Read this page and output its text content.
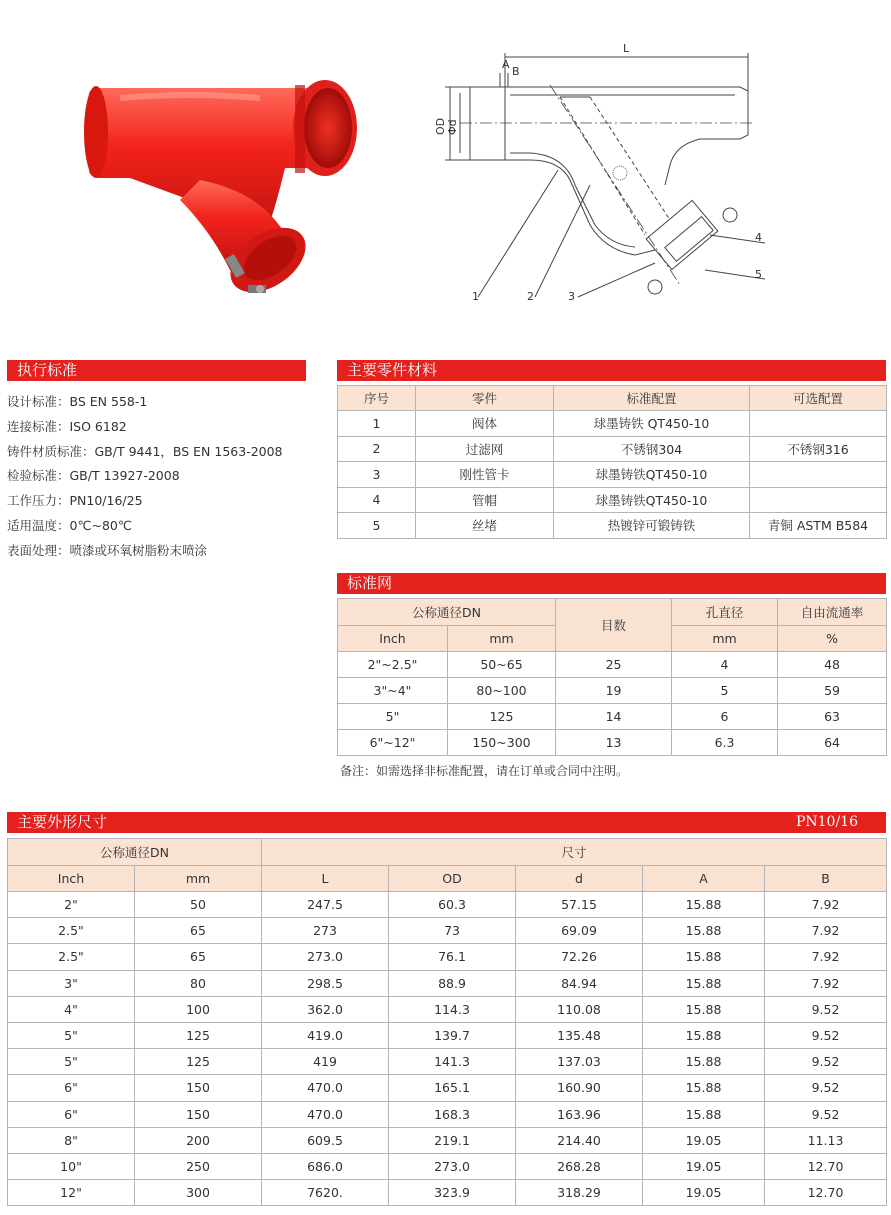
L
A
B
OD Φd
1	2	3
4
5
执行标准
设计标准：BS EN 558-1
连接标准：ISO 6182
铸件材质标准：GB/T 9441，BS EN 1563-2008
检验标准：GB/T 13927-2008
工作压力：PN10/16/25
适用温度：0℃~80℃
表面处理：喷漆或环氧树脂粉末喷涂
主要零件材料
序号	零件	标准配置	可选配置
1	阀体	球墨铸铁 QT450-10	
2	过滤网	不锈钢304	不锈钢316
3	刚性管卡	球墨铸铁QT450-10	
4	管帽	球墨铸铁QT450-10	
5	丝堵	热镀锌可锻铸铁	青铜 ASTM B584
标准网
公称通径DN		目数	孔直径	自由流通率
Inch	mm		mm	%
2"~2.5"	50~65	25	4	48
3"~4"	80~100	19	5	59
5"	125	14	6	63
6"~12"	150~300	13	6.3	64
备注：如需选择非标准配置，请在订单或合同中注明。
主要外形尺寸	PN10/16
公称通径DN		尺寸				
Inch	mm	L	OD	d	A	B
2"	50	247.5	60.3	57.15	15.88	7.92
2.5"	65	273	73	69.09	15.88	7.92
2.5"	65	273.0	76.1	72.26	15.88	7.92
3"	80	298.5	88.9	84.94	15.88	7.92
4"	100	362.0	114.3	110.08	15.88	9.52
5"	125	419.0	139.7	135.48	15.88	9.52
5"	125	419	141.3	137.03	15.88	9.52
6"	150	470.0	165.1	160.90	15.88	9.52
6"	150	470.0	168.3	163.96	15.88	9.52
8"	200	609.5	219.1	214.40	19.05	11.13
10"	250	686.0	273.0	268.28	19.05	12.70
12"	300	7620.	323.9	318.29	19.05	12.70
